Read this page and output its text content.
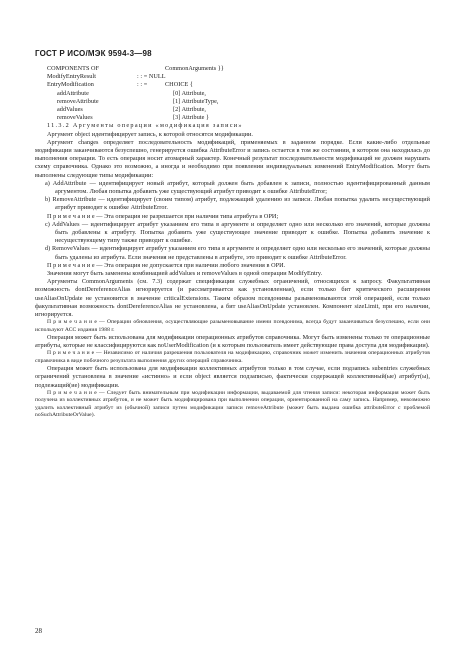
ГОСТ Р ИСО/МЭК 9594-3—98
COMPONENTS OF	CommonArguments }}
ModifyEntryResult	: : = NULL
EntryModification	: : =	CHOICE {
addAttribute	[0] Attribute,
removeAttribute	[1] AttributeType,
addValues	[2] Attribute,
removeValues	[3] Attribute }

11.3.2 Аргументы операции «модификация записи»

Аргумент object идентифицирует запись, к которой относятся модификации.

Аргумент changes определяет последовательность модификаций, применяемых в заданном порядке. Если какие-либо отдельные модификации заканчиваются безуспешно, генерируется ошибка AttributeError и запись остается в том же состоянии, в котором она находилась до выполнения операции. То есть операция носит атомарный характер. Конечный результат последовательности модификаций не должен нарушать схему справочника. Однако это возможно, а иногда и необходимо при появлении индивидуальных изменений EntryModification. Могут быть выполнены следующие типы модификации:

a) AddAttribute — идентифицирует новый атрибут, который должен быть добавлен к записи, полностью идентифицированный данным аргументом. Любая попытка добавить уже существующий атрибут приводит к ошибке AttributeError;

b) RemoveAttribute — идентифицирует (своим типом) атрибут, подлежащий удалению из записи. Любая попытка удалить несуществующий атрибут приводит к ошибке AttributeError.

П р и м е ч а н и е — Эта операция не разрешается при наличии типа атрибута в ОРИ;

c) AddValues — идентифицирует атрибут указанием его типа в аргументе и определяет одно или несколько его значений, которые должны быть добавлены к атрибуту. Попытка добавить уже существующее значение приводит к ошибке. Попытка добавить значение к несуществующему типу также приводит к ошибке.

d) RemoveValues — идентифицирует атрибут указанием его типа в аргументе и определяет одно или несколько его значений, которые должны быть удалены из атрибута. Если значения не представлены в атрибуте, это приводит к ошибке AttributeError.

П р и м е ч а н и е — Эта операция не допускается при наличии любого значения в ОРИ.

Значения могут быть заменены комбинацией addValues и removeValues в одной операции ModifyEntry.

Аргументы CommonArguments (см. 7.3) содержат спецификации служебных ограничений, относящихся к запросу. Факультативная возможность dontDereferenceAlias игнорируется (и рассматривается как установленная), если только бит критического расширения useAliasOnUpdate не установится в значение criticalExtensions. Таким образом псевдонимы разыменовываются этой операцией, если только факультативная возможность dontDereferenceAlias не установлена, а бит useAliasOnUpdate установлен. Компонент sizeLimit, при его наличии, игнорируется.

П р и м е ч а н и е — Операции обновления, осуществляющие разыменовывание имени псевдонима, всегда будут заканчиваться безуспешно, если они используют АСС издания 1988 г.

Операция может быть использована для модификации операционных атрибутов справочника. Могут быть изменены только те операционные атрибуты, которые не классифицируются как noUserModification (и к которым пользователь имеет действующие права доступа для модификации).

П р и м е ч а н и е — Независимо от наличия разрешения пользователя на модификацию, справочник может изменить значения операционных атрибутов справочника в виде побочного результата выполнения других операций справочника.

Операция может быть использована для модификации коллективных атрибутов только в том случае, если подзапись subentries служебных ограничений установлена в значение «истинно» и если object является подзаписью, фактически содержащей коллективный(ые) атрибут(ы), подлежащий(ие) модификации.

П р и м е ч а н и е — Следует быть внимательным при модификации информации, выдаваемой для чтения записи: некоторая информация может быть получена из коллективных атрибутов, и не может быть модифицирована при выполнении операции, ориентированной на саму запись. Например, невозможно удалить коллективный атрибут из (обычной) записи путем модификации записи removeAttribute (может быть выдана ошибка attributeError с проблемой noSuchAttributeOrValue).

28
